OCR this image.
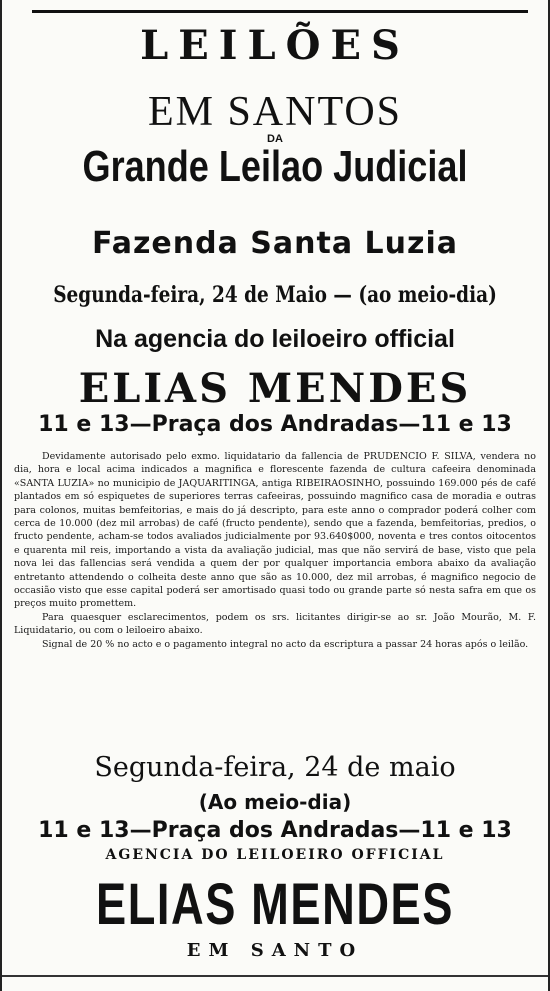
LEILÕES
EM SANTOS
DA
Grande Leilao Judicial
Fazenda Santa Luzia
Segunda-feira, 24 de Maio — (ao meio-dia)
Na agencia do leiloeiro official
ELIAS MENDES
11 e 13—Praça dos Andradas—11 e 13

Devidamente autorisado pelo exmo. liquidatario da fallencia de PRUDENCIO F. SILVA, vendera no dia, hora e local acima indicados a magnifica e florescente fazenda de cultura cafeeira denominada «SANTA LUZIA» no municipio de JAQUARITINGA, antiga RIBEIRAOSINHO, possuindo 169.000 pés de café plantados em só espiquetes de superiores terras cafeeiras, possuindo magnifico casa de moradia e outras para colonos, muitas bemfeitorias, e mais do já descripto, para este anno o comprador poderá colher com cerca de 10.000 (dez mil arrobas) de café (fructo pendente), sendo que a fazenda, bemfeitorias, predios, o fructo pendente, acham-se todos avaliados judicialmente por 93.640$000, noventa e tres contos oitocentos e quarenta mil reis, importando a vista da avaliação judicial, mas que não servirá de base, visto que pela nova lei das fallencias será vendida a quem der por qualquer importancia embora abaixo da avaliação entretanto attendendo o colheita deste anno que são as 10.000, dez mil arrobas, é magnifico negocio de occasião visto que esse capital poderá ser amortisado quasi todo ou grande parte só nesta safra em que os preços muito promettem.

Para quaesquer esclarecimentos, podem os srs. licitantes dirigir-se ao sr. João Mourão, M. F. Liquidatario, ou com o leiloeiro abaixo.

Signal de 20 % no acto e o pagamento integral no acto da escriptura a passar 24 horas após o leilão.

Segunda-feira, 24 de maio
(Ao meio-dia)
11 e 13—Praça dos Andradas—11 e 13
AGENCIA DO LEILOEIRO OFFICIAL
ELIAS MENDES
EM SANTO
